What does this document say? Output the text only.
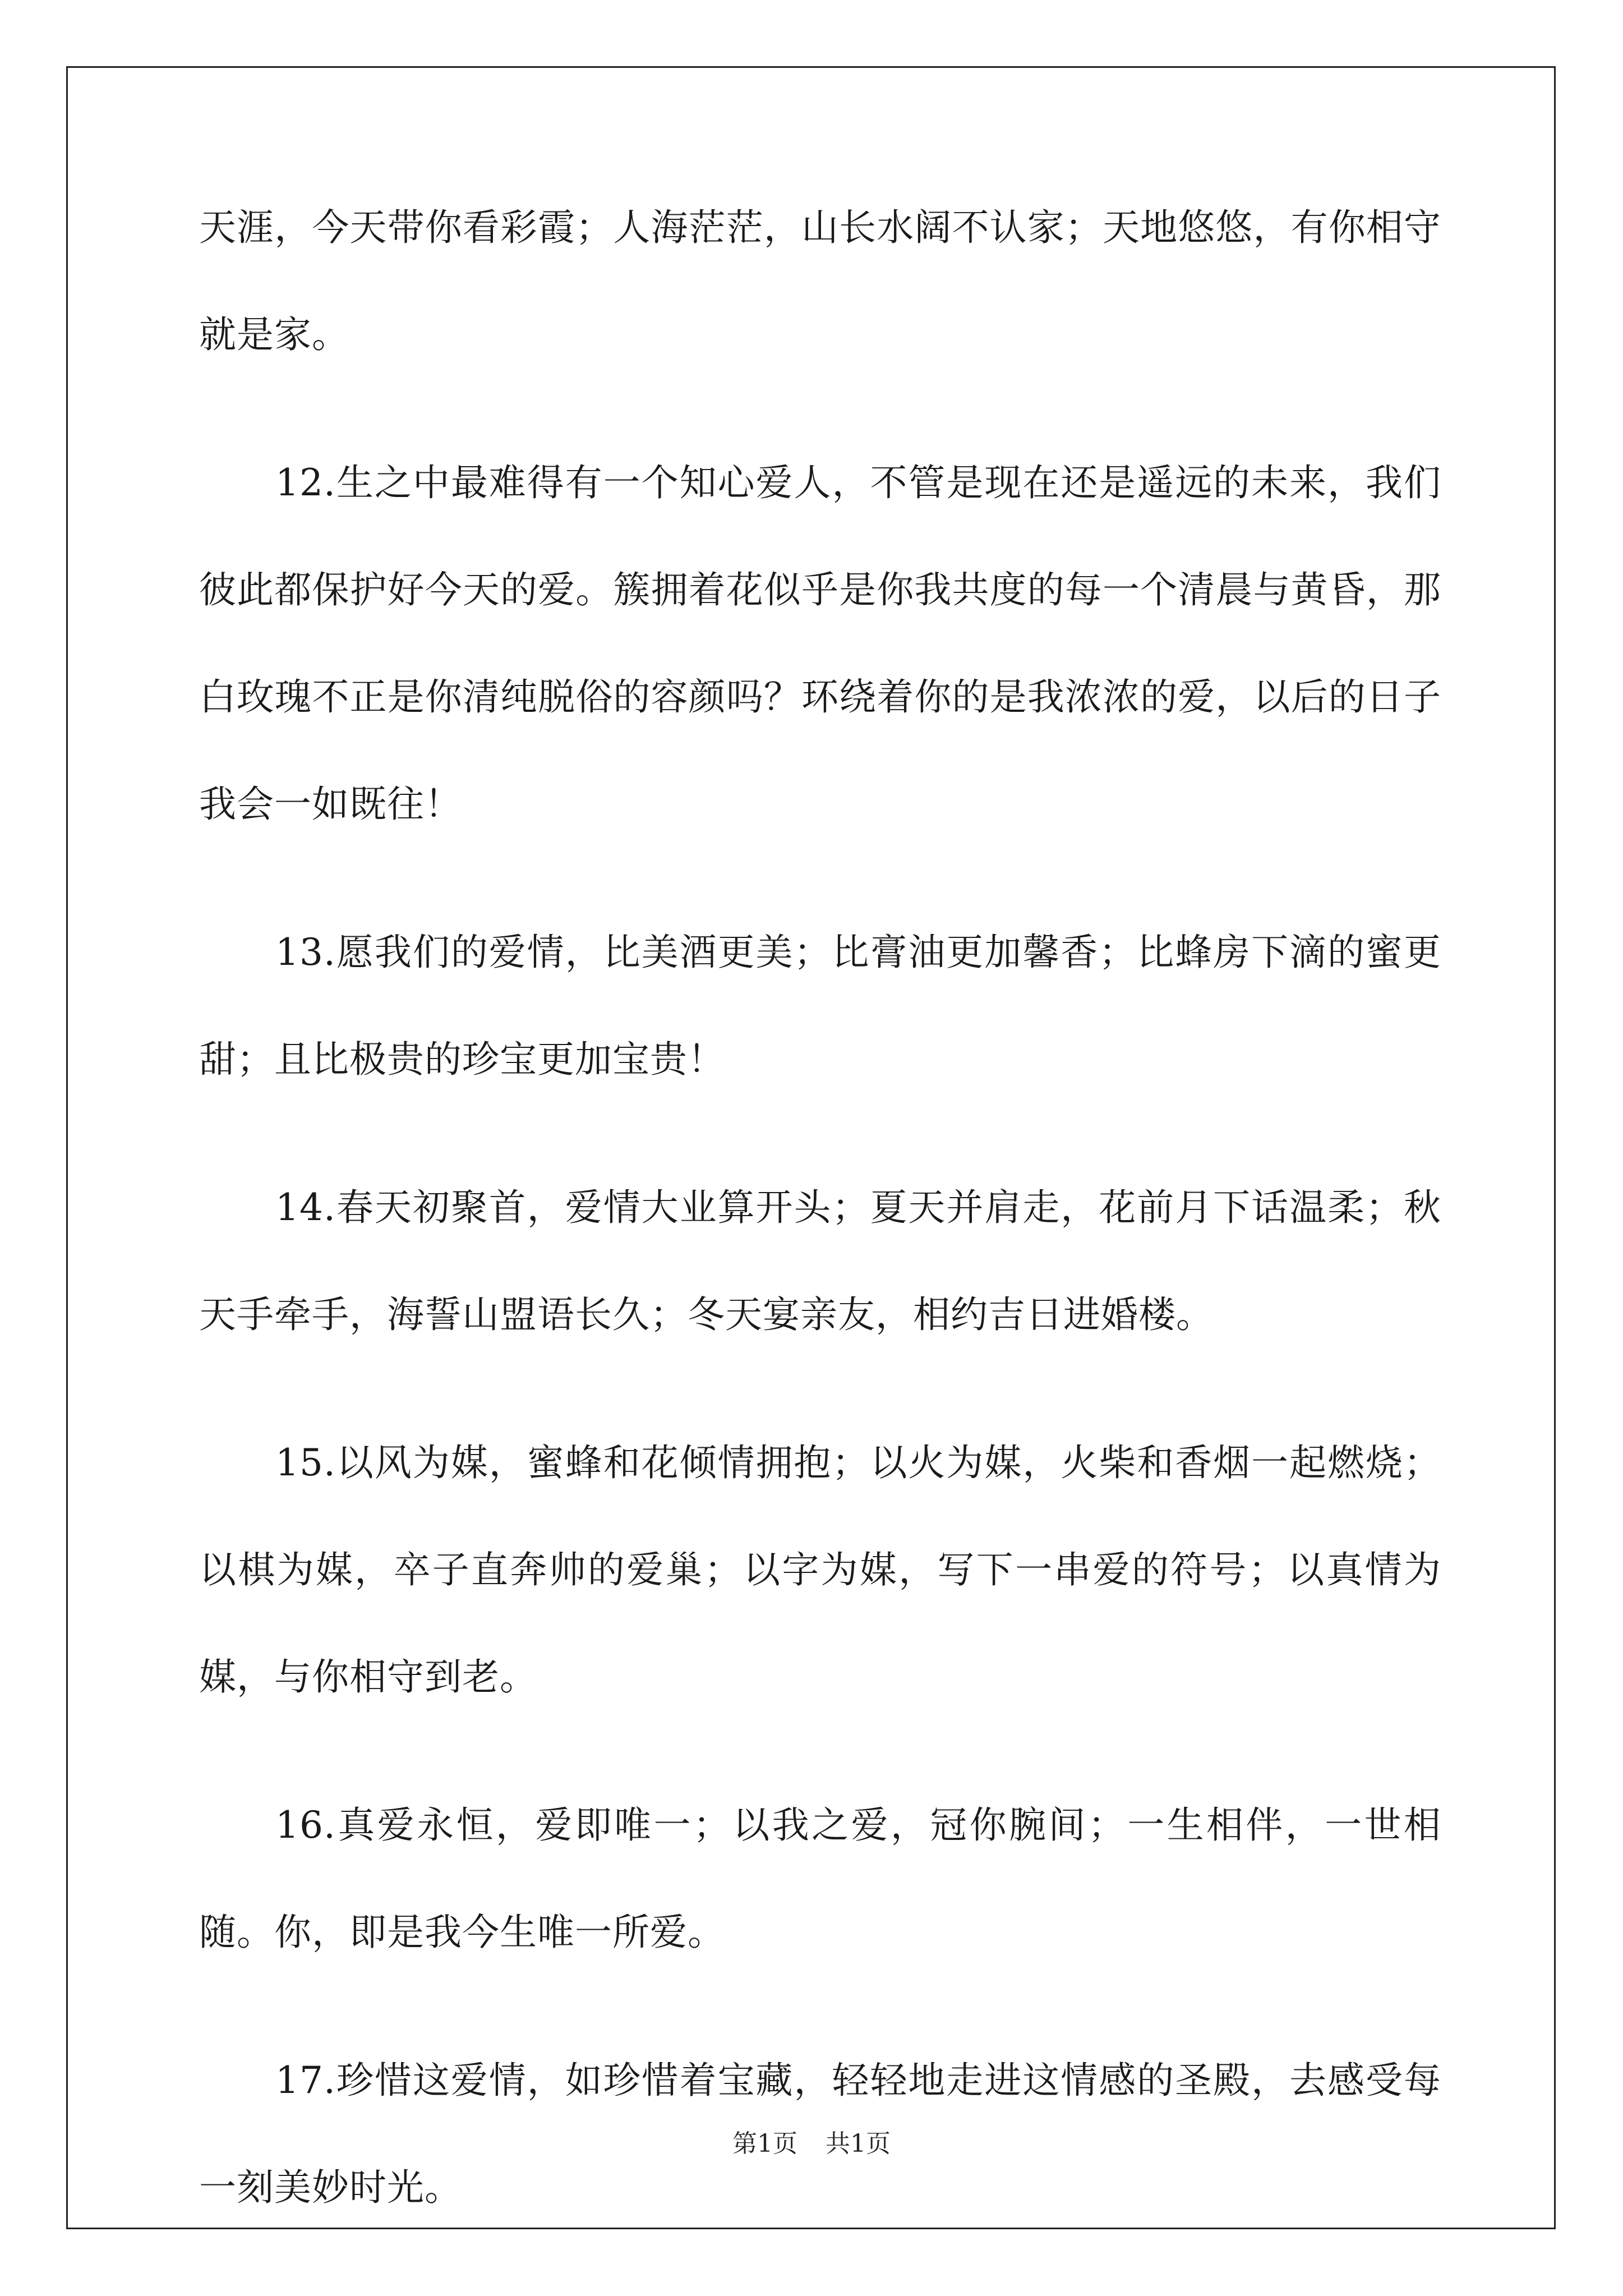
天涯，今天带你看彩霞；人海茫茫，山长水阔不认家；天地悠悠，有你相守就是家。

12.生之中最难得有一个知心爱人，不管是现在还是遥远的未来，我们彼此都保护好今天的爱。簇拥着花似乎是你我共度的每一个清晨与黄昏，那白玫瑰不正是你清纯脱俗的容颜吗？环绕着你的是我浓浓的爱，以后的日子我会一如既往！

13.愿我们的爱情，比美酒更美；比膏油更加馨香；比蜂房下滴的蜜更甜；且比极贵的珍宝更加宝贵！

14.春天初聚首，爱情大业算开头；夏天并肩走，花前月下话温柔；秋天手牵手，海誓山盟语长久；冬天宴亲友，相约吉日进婚楼。

15.以风为媒，蜜蜂和花倾情拥抱；以火为媒，火柴和香烟一起燃烧；以棋为媒，卒子直奔帅的爱巢；以字为媒，写下一串爱的符号；以真情为媒，与你相守到老。

16.真爱永恒，爱即唯一；以我之爱，冠你腕间；一生相伴，一世相随。你，即是我今生唯一所爱。

17.珍惜这爱情，如珍惜着宝藏，轻轻地走进这情感的圣殿，去感受每一刻美妙时光。

第1页 共1页
